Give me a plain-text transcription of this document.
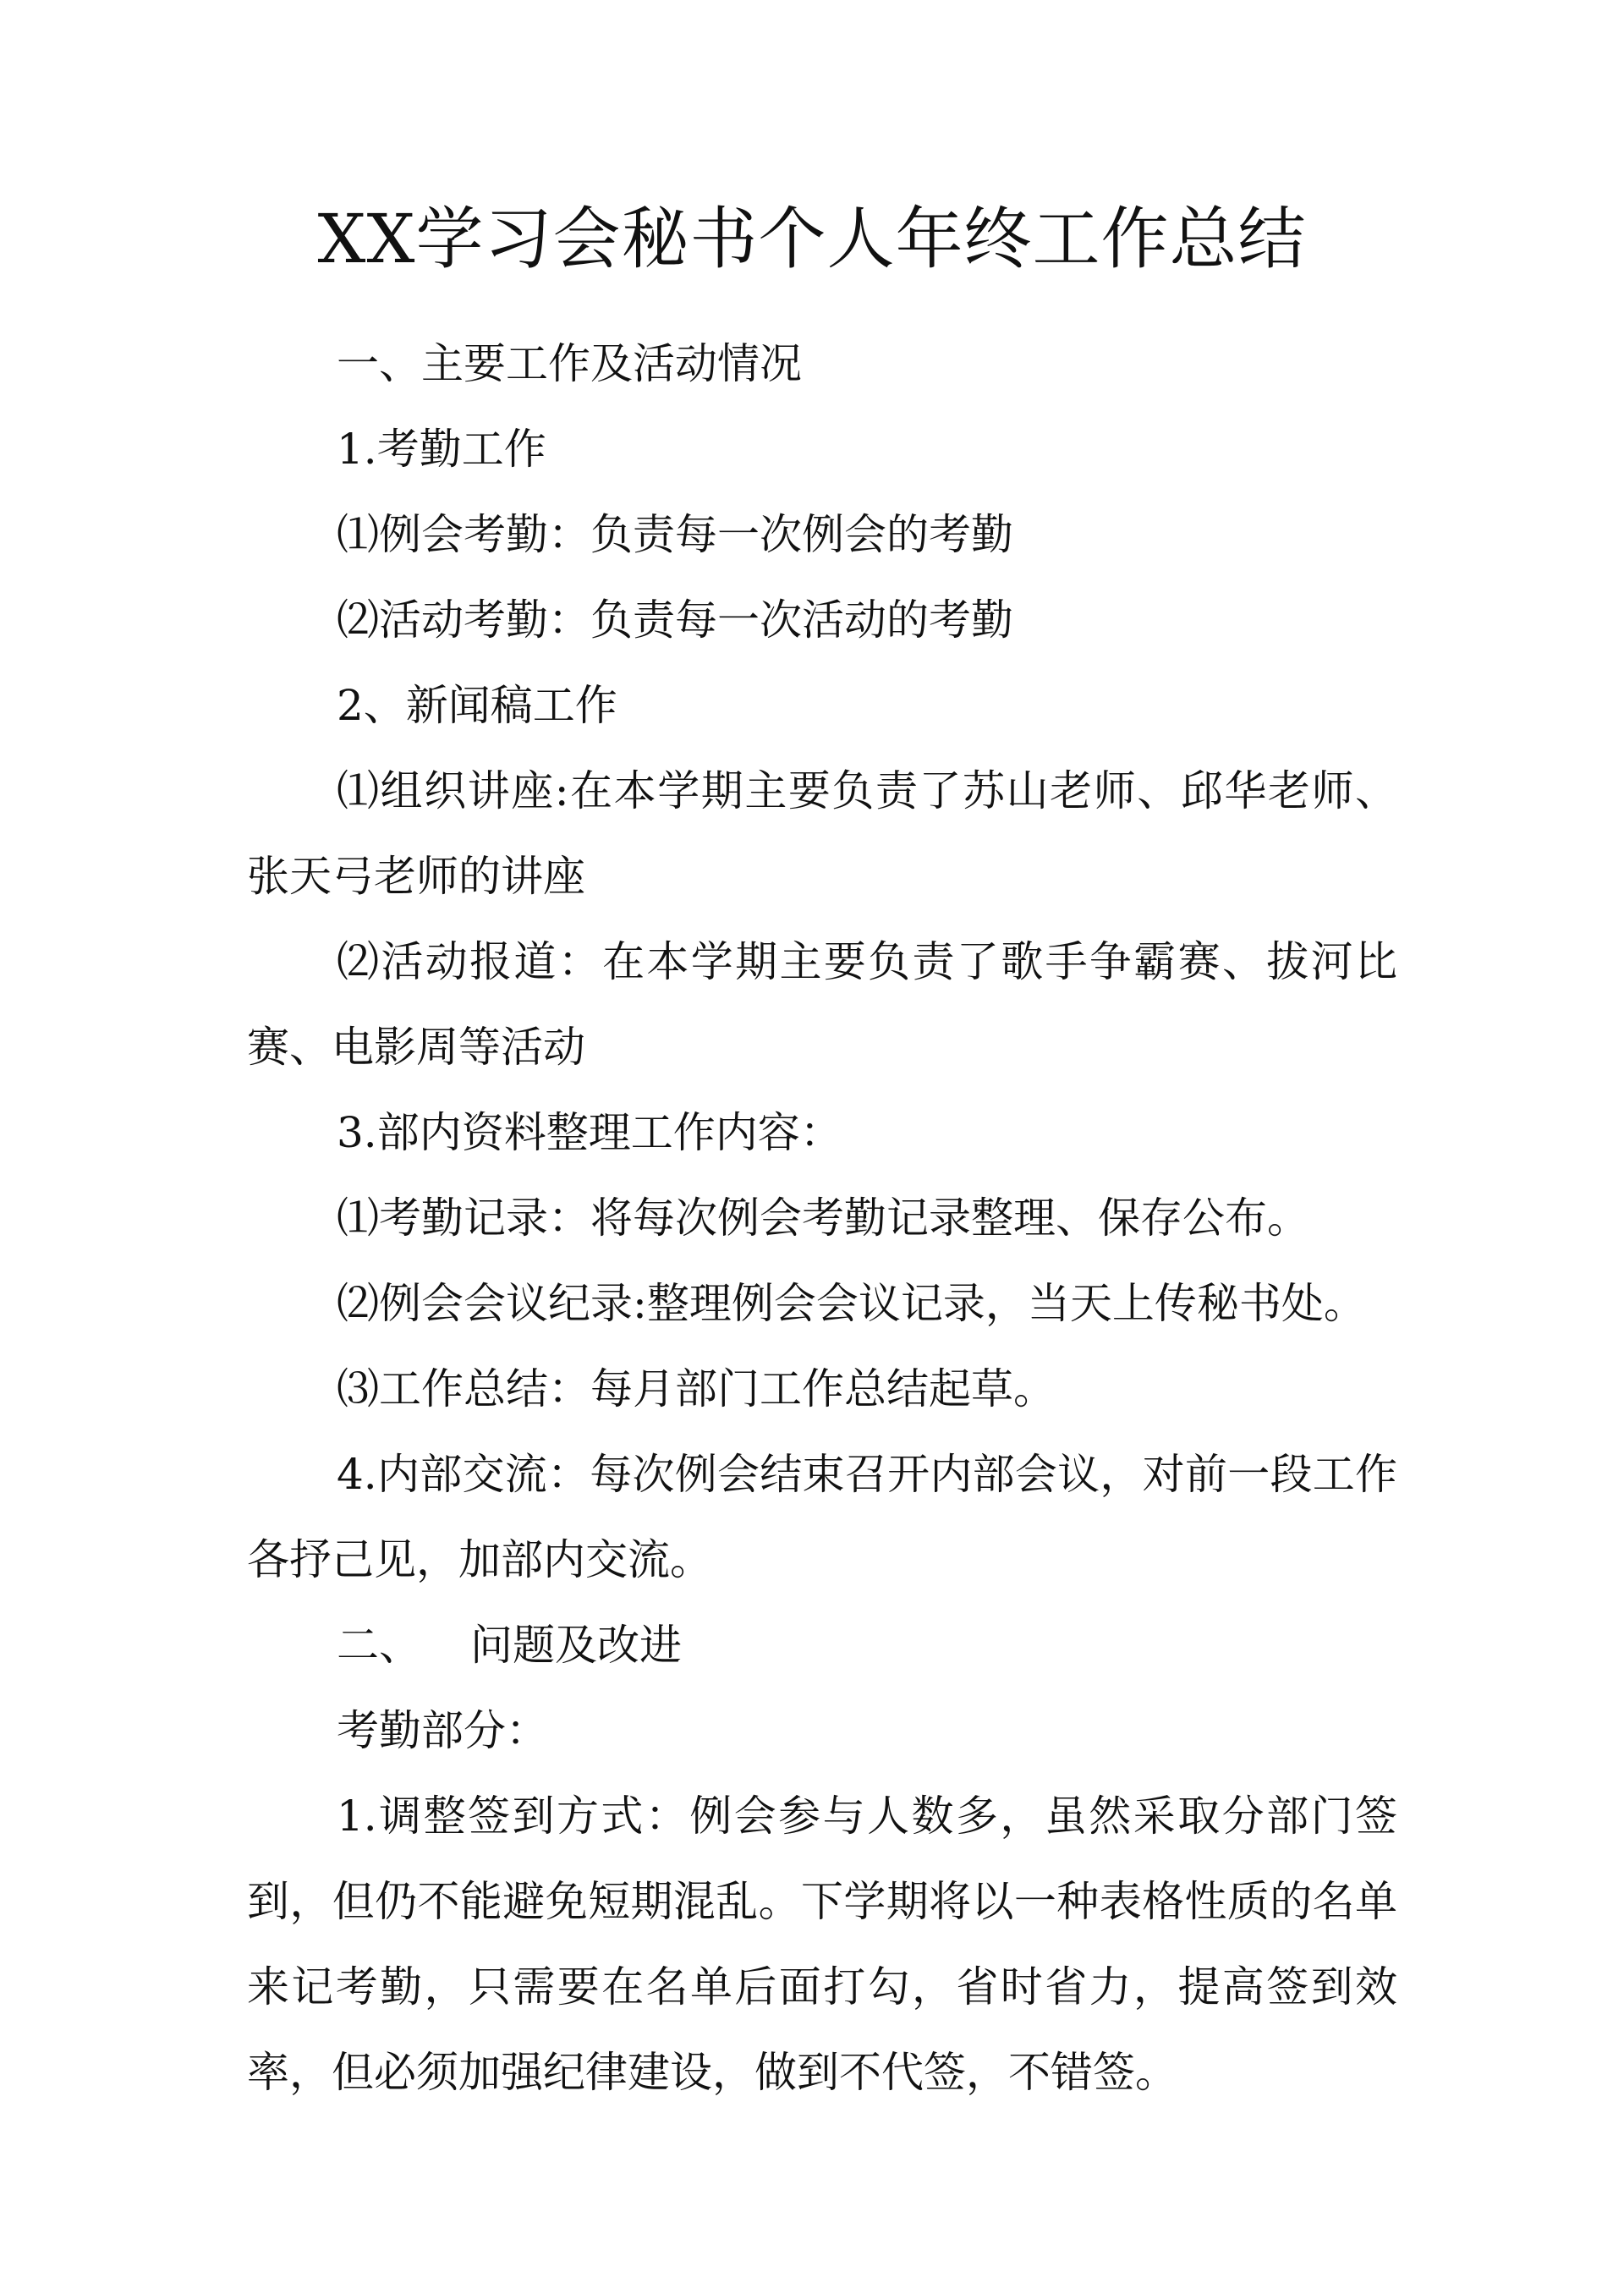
XX学习会秘书个人年终工作总结

一、主要工作及活动情况

1.考勤工作

⑴例会考勤：负责每一次例会的考勤

⑵活动考勤：负责每一次活动的考勤

2、新闻稿工作

⑴组织讲座:在本学期主要负责了苏山老师、邱华老师、张天弓老师的讲座

⑵活动报道：在本学期主要负责了歌手争霸赛、拔河比赛、电影周等活动

3.部内资料整理工作内容：

⑴考勤记录：将每次例会考勤记录整理、保存公布。

⑵例会会议纪录:整理例会会议记录，当天上传秘书处。

⑶工作总结：每月部门工作总结起草。

4.内部交流：每次例会结束召开内部会议，对前一段工作各抒己见，加部内交流。

二、 问题及改进

考勤部分：

1.调整签到方式：例会参与人数多，虽然采取分部门签到，但仍不能避免短期混乱。下学期将以一种表格性质的名单来记考勤，只需要在名单后面打勾，省时省力，提高签到效率，但必须加强纪律建设，做到不代签，不错签。
